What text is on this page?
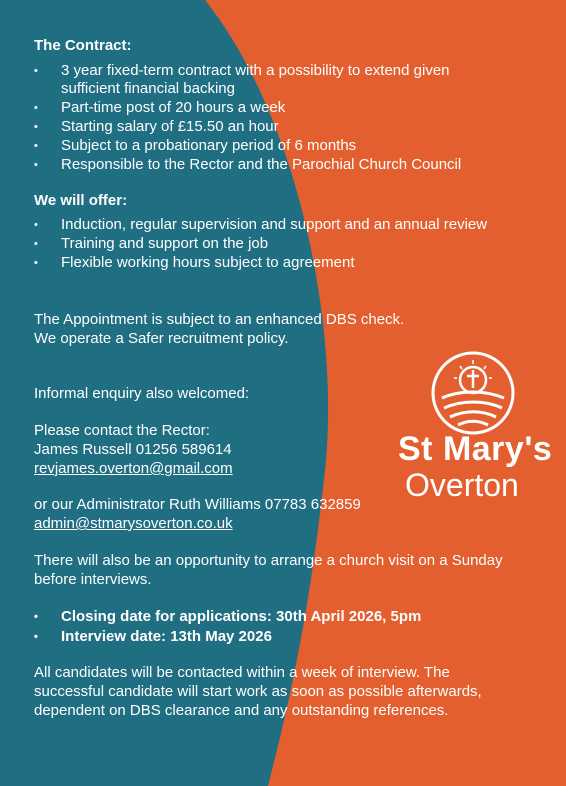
The Contract:
• 3 year fixed-term contract with a possibility to extend given sufficient financial backing
• Part-time post of 20 hours a week
• Starting salary of £15.50 an hour
• Subject to a probationary period of 6 months
• Responsible to the Rector and the Parochial Church Council
We will offer:
• Induction, regular supervision and support and an annual review
• Training and support on the job
• Flexible working hours subject to agreement
The Appointment is subject to an enhanced DBS check.
We operate a Safer recruitment policy.
Informal enquiry also welcomed:
Please contact the Rector:
James Russell 01256 589614
revjames.overton@gmail.com
or our Administrator Ruth Williams 07783 632859
admin@stmarysoverton.co.uk
There will also be an opportunity to arrange a church visit on a Sunday before interviews.
• Closing date for applications: 30th April 2026, 5pm
• Interview date: 13th May 2026
All candidates will be contacted within a week of interview. The successful candidate will start work as soon as possible afterwards, dependent on DBS clearance and any outstanding references.
St Mary's
Overton
